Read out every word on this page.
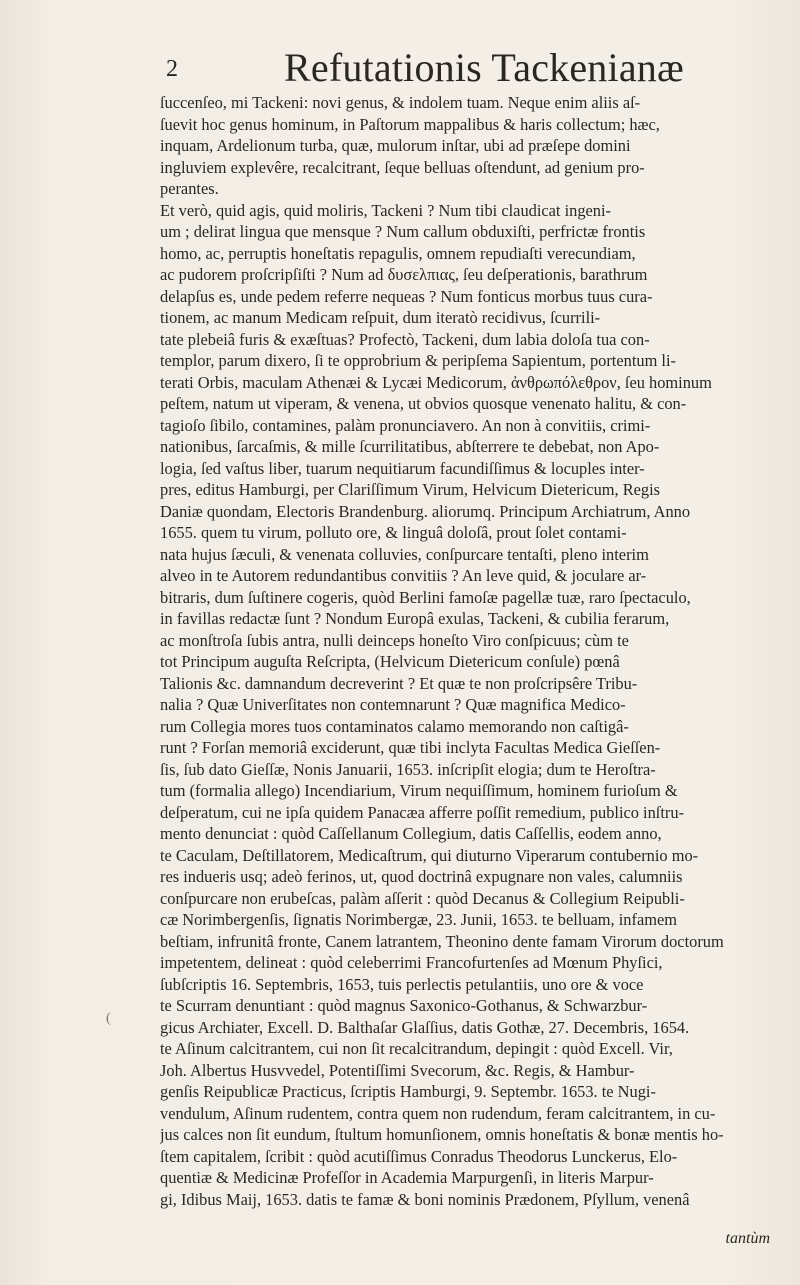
2	Refutationis Tackenianæ
(
ſuccenſeo, mi Tackeni: novi genus, & indolem tuam. Neque enim aliis aſ-
ſuevit hoc genus hominum, in Paſtorum mappalibus & haris collectum; hæc,
inquam, Ardelionum turba, quæ, mulorum inſtar, ubi ad præſepe domini
ingluviem explevêre, recalcitrant, ſeque belluas oſtendunt, ad genium pro-
perantes.
Et verò, quid agis, quid moliris, Tackeni ? Num tibi claudicat ingeni-
um ; delirat lingua que mensque ? Num callum obduxiſti, perfrictæ frontis
homo, ac, perruptis honeſtatis repagulis, omnem repudiaſti verecundiam,
ac pudorem proſcripſiſti ? Num ad δυσελπιας, ſeu deſperationis, barathrum
delapſus es, unde pedem referre nequeas ? Num fonticus morbus tuus cura-
tionem, ac manum Medicam reſpuit, dum iteratò recidivus, ſcurrili-
tate plebeiâ furis & exæſtuas? Profectò, Tackeni, dum labia doloſa tua con-
templor, parum dixero, ſi te opprobrium & peripſema Sapientum, portentum li-
terati Orbis, maculam Athenæi & Lycæi Medicorum, ἀνθρωπόλεθρον, ſeu hominum
peſtem, natum ut viperam, & venena, ut obvios quosque venenato halitu, & con-
tagioſo ſibilo, contamines, palàm pronunciavero. An non à convitiis, crimi-
nationibus, ſarcaſmis, & mille ſcurrilitatibus, abſterrere te debebat, non Apo-
logia, ſed vaſtus liber, tuarum nequitiarum facundiſſimus & locuples inter-
pres, editus Hamburgi, per Clariſſimum Virum, Helvicum Dietericum, Regis
Daniæ quondam, Electoris Brandenburg. aliorumq. Principum Archiatrum, Anno
1655. quem tu virum, polluto ore, & linguâ doloſâ, prout ſolet contami-
nata hujus ſæculi, & venenata colluvies, conſpurcare tentaſti, pleno interim
alveo in te Autorem redundantibus convitiis ? An leve quid, & joculare ar-
bitraris, dum ſuſtinere cogeris, quòd Berlini famoſæ pagellæ tuæ, raro ſpectaculo,
in favillas redactæ ſunt ? Nondum Europâ exulas, Tackeni, & cubilia ferarum,
ac monſtroſa ſubis antra, nulli deinceps honeſto Viro conſpicuus; cùm te
tot Principum auguſta Reſcripta, (Helvicum Dietericum conſule) pœnâ
Talionis &c. damnandum decreverint ? Et quæ te non proſcripsêre Tribu-
nalia ? Quæ Univerſitates non contemnarunt ? Quæ magnifica Medico-
rum Collegia mores tuos contaminatos calamo memorando non caſtigâ-
runt ? Forſan memoriâ exciderunt, quæ tibi inclyta Facultas Medica Gieſſen-
ſis, ſub dato Gieſſæ, Nonis Januarii, 1653. inſcripſit elogia; dum te Heroſtra-
tum (formalia allego) Incendiarium, Virum nequiſſimum, hominem furioſum &
deſperatum, cui ne ipſa quidem Panacæa afferre poſſit remedium, publico inſtru-
mento denunciat : quòd Caſſellanum Collegium, datis Caſſellis, eodem anno,
te Caculam, Deſtillatorem, Medicaſtrum, qui diuturno Viperarum contubernio mo-
res indueris usq; adeò ferinos, ut, quod doctrinâ expugnare non vales, calumniis
conſpurcare non erubeſcas, palàm aſſerit : quòd Decanus & Collegium Reipubli-
cæ Norimbergenſis, ſignatis Norimbergæ, 23. Junii, 1653. te belluam, infamem
beſtiam, infrunitâ fronte, Canem latrantem, Theonino dente famam Virorum doctorum
impetentem, delineat : quòd celeberrimi Francofurtenſes ad Mœnum Phyſici,
ſubſcriptis 16. Septembris, 1653, tuis perlectis petulantiis, uno ore & voce
te Scurram denuntiant : quòd magnus Saxonico-Gothanus, & Schwarzbur-
gicus Archiater, Excell. D. Balthaſar Glaſſius, datis Gothæ, 27. Decembris, 1654.
te Aſinum calcitrantem, cui non ſit recalcitrandum, depingit : quòd Excell. Vir,
Joh. Albertus Husvvedel, Potentiſſimi Svecorum, &c. Regis, & Hambur-
genſis Reipublicæ Practicus, ſcriptis Hamburgi, 9. Septembr. 1653. te Nugi-
vendulum, Aſinum rudentem, contra quem non rudendum, feram calcitrantem, in cu-
jus calces non ſit eundum, ſtultum homunſionem, omnis honeſtatis & bonæ mentis ho-
ſtem capitalem, ſcribit : quòd acutiſſimus Conradus Theodorus Lunckerus, Elo-
quentiæ & Medicinæ Profeſſor in Academia Marpurgenſi, in literis Marpur-
gi, Idibus Maij, 1653. datis te famæ & boni nominis Prædonem, Pſyllum, venenâ
tantùm
